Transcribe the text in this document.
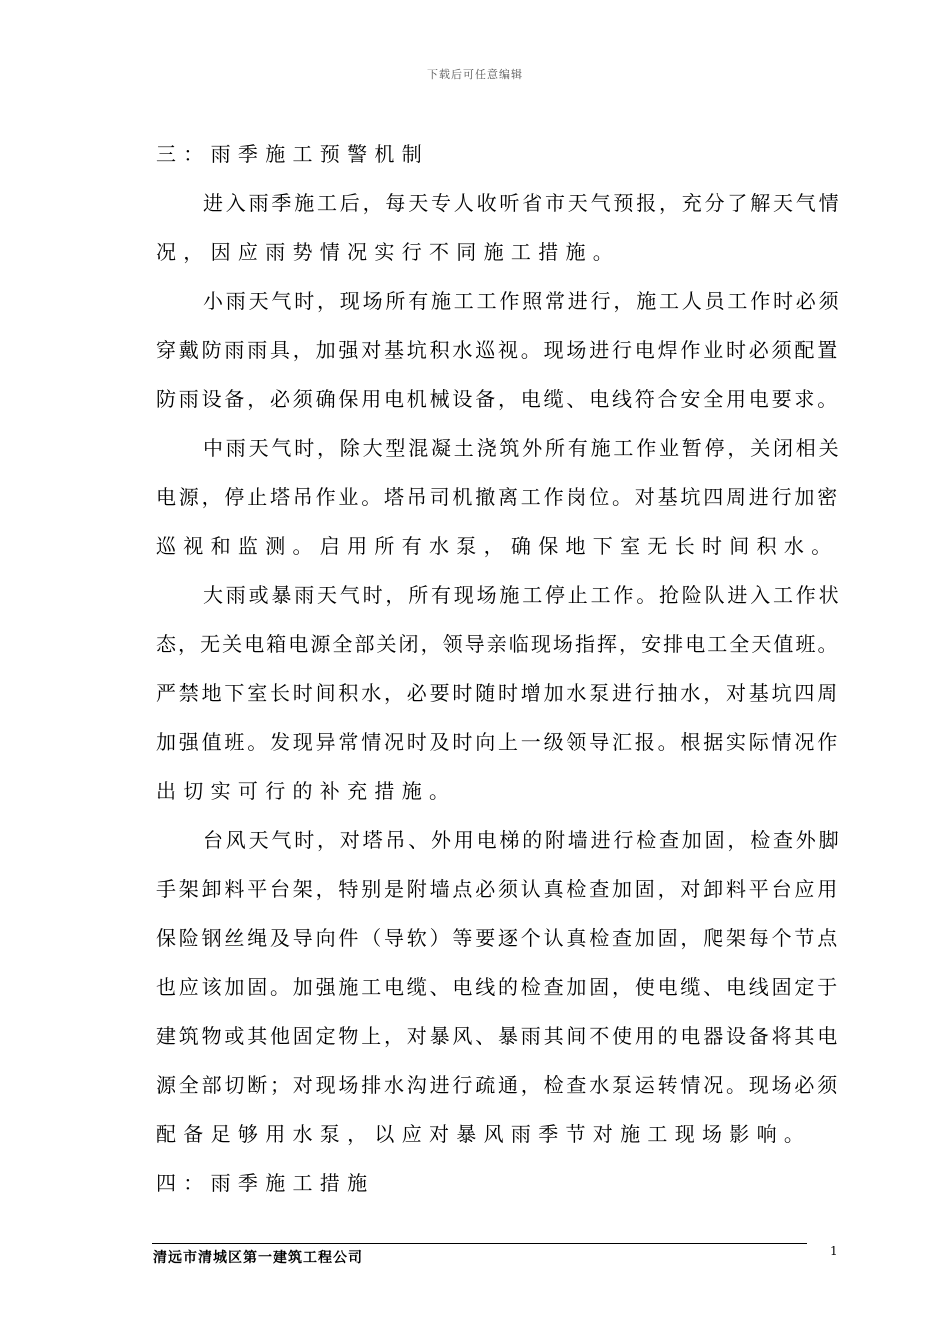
下载后可任意编辑
三：雨季施工预警机制
进入雨季施工后，每天专人收听省市天气预报，充分了解天气情
况，因应雨势情况实行不同施工措施。
小雨天气时，现场所有施工工作照常进行，施工人员工作时必须
穿戴防雨雨具，加强对基坑积水巡视。现场进行电焊作业时必须配置
防雨设备，必须确保用电机械设备，电缆、电线符合安全用电要求。
中雨天气时，除大型混凝土浇筑外所有施工作业暂停，关闭相关
电源，停止塔吊作业。塔吊司机撤离工作岗位。对基坑四周进行加密
巡视和监测。启用所有水泵，确保地下室无长时间积水。
大雨或暴雨天气时，所有现场施工停止工作。抢险队进入工作状
态，无关电箱电源全部关闭，领导亲临现场指挥，安排电工全天值班。
严禁地下室长时间积水，必要时随时增加水泵进行抽水，对基坑四周
加强值班。发现异常情况时及时向上一级领导汇报。根据实际情况作
出切实可行的补充措施。
台风天气时，对塔吊、外用电梯的附墙进行检查加固，检查外脚
手架卸料平台架，特别是附墙点必须认真检查加固，对卸料平台应用
保险钢丝绳及导向件（导软）等要逐个认真检查加固，爬架每个节点
也应该加固。加强施工电缆、电线的检查加固，使电缆、电线固定于
建筑物或其他固定物上，对暴风、暴雨其间不使用的电器设备将其电
源全部切断；对现场排水沟进行疏通，检查水泵运转情况。现场必须
配备足够用水泵，以应对暴风雨季节对施工现场影响。
四：雨季施工措施
清远市清城区第一建筑工程公司	1
